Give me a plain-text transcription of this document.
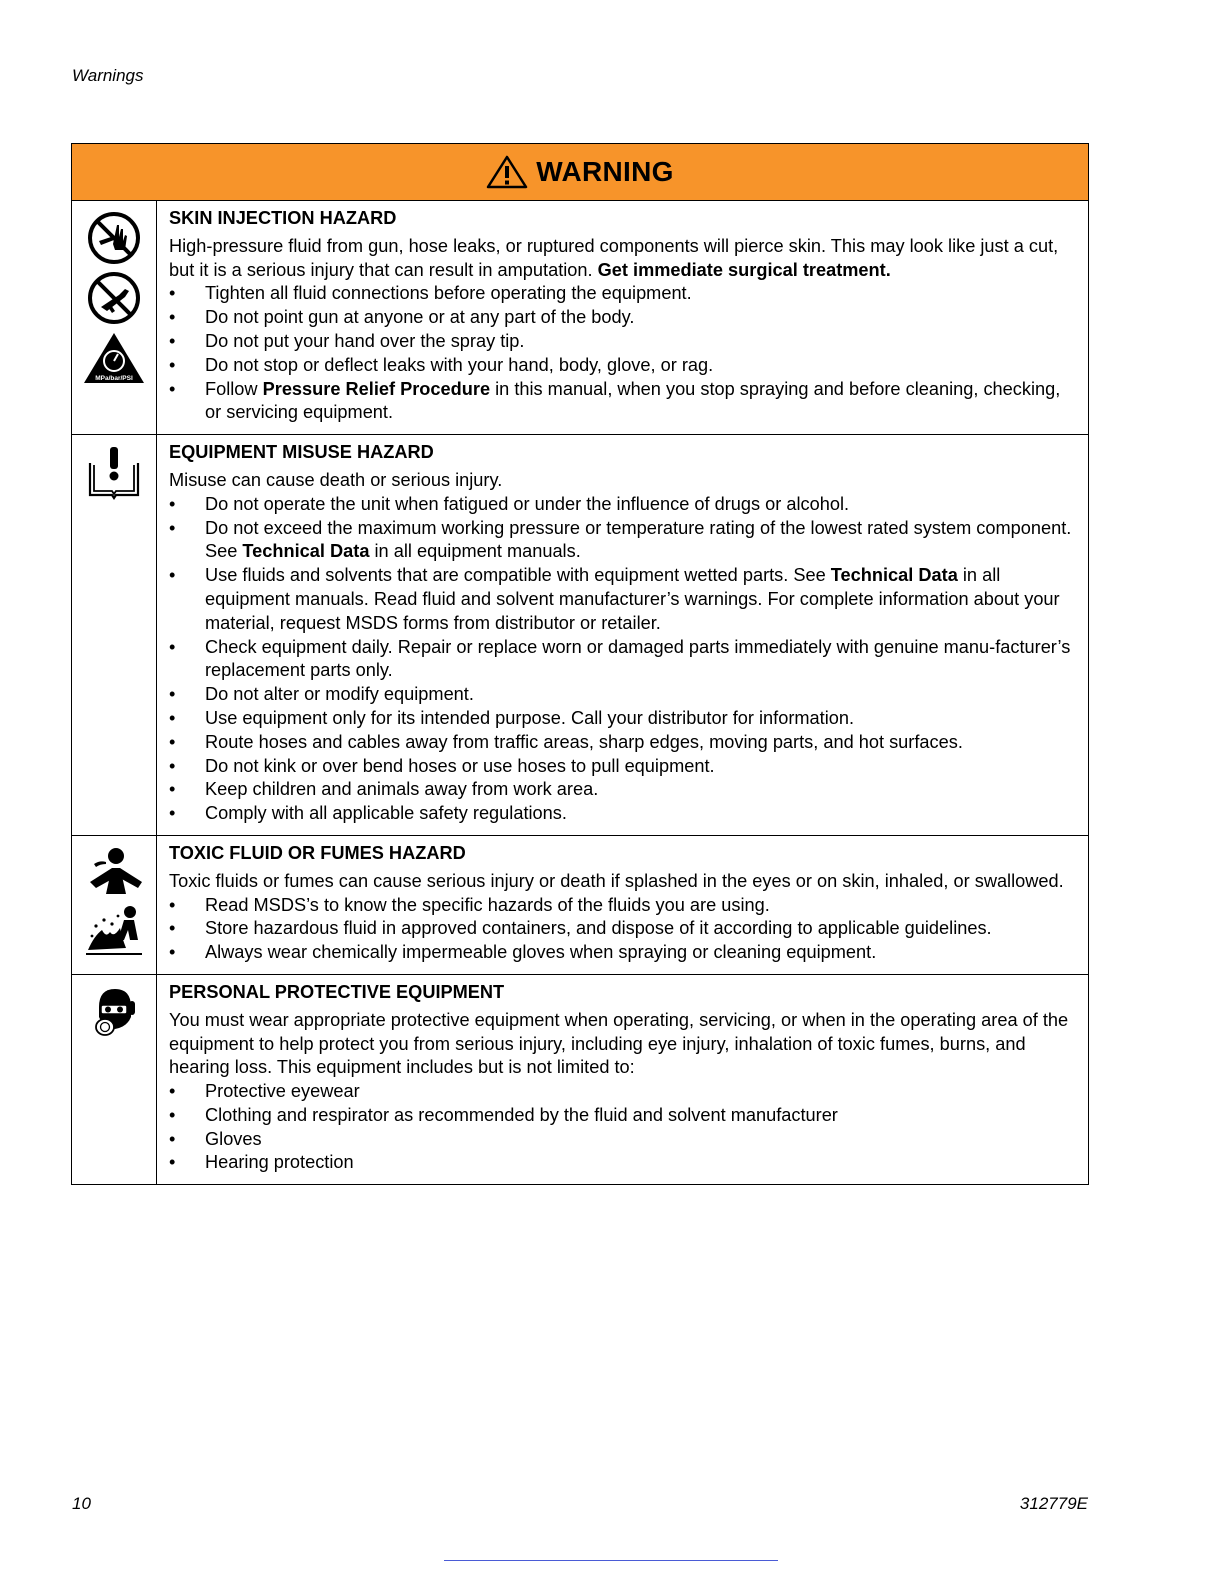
Warnings
WARNING
MPa/bar/PSI
SKIN INJECTION HAZARD
High-pressure fluid from gun, hose leaks, or ruptured components will pierce skin. This may look like just a cut, but it is a serious injury that can result in amputation. Get immediate surgical treatment.
• Tighten all fluid connections before operating the equipment.
• Do not point gun at anyone or at any part of the body.
• Do not put your hand over the spray tip.
• Do not stop or deflect leaks with your hand, body, glove, or rag.
• Follow Pressure Relief Procedure in this manual, when you stop spraying and before cleaning, checking, or servicing equipment.
EQUIPMENT MISUSE HAZARD
Misuse can cause death or serious injury.
• Do not operate the unit when fatigued or under the influence of drugs or alcohol.
• Do not exceed the maximum working pressure or temperature rating of the lowest rated system component. See Technical Data in all equipment manuals.
• Use fluids and solvents that are compatible with equipment wetted parts. See Technical Data in all equipment manuals. Read fluid and solvent manufacturer’s warnings. For complete information about your material, request MSDS forms from distributor or retailer.
• Check equipment daily. Repair or replace worn or damaged parts immediately with genuine manu-facturer’s replacement parts only.
• Do not alter or modify equipment.
• Use equipment only for its intended purpose. Call your distributor for information.
• Route hoses and cables away from traffic areas, sharp edges, moving parts, and hot surfaces.
• Do not kink or over bend hoses or use hoses to pull equipment.
• Keep children and animals away from work area.
• Comply with all applicable safety regulations.
TOXIC FLUID OR FUMES HAZARD
Toxic fluids or fumes can cause serious injury or death if splashed in the eyes or on skin, inhaled, or swallowed.
• Read MSDS’s to know the specific hazards of the fluids you are using.
• Store hazardous fluid in approved containers, and dispose of it according to applicable guidelines.
• Always wear chemically impermeable gloves when spraying or cleaning equipment.
PERSONAL PROTECTIVE EQUIPMENT
You must wear appropriate protective equipment when operating, servicing, or when in the operating area of the equipment to help protect you from serious injury, including eye injury, inhalation of toxic fumes, burns, and hearing loss. This equipment includes but is not limited to:
• Protective eyewear
• Clothing and respirator as recommended by the fluid and solvent manufacturer
• Gloves
• Hearing protection
10	312779E
